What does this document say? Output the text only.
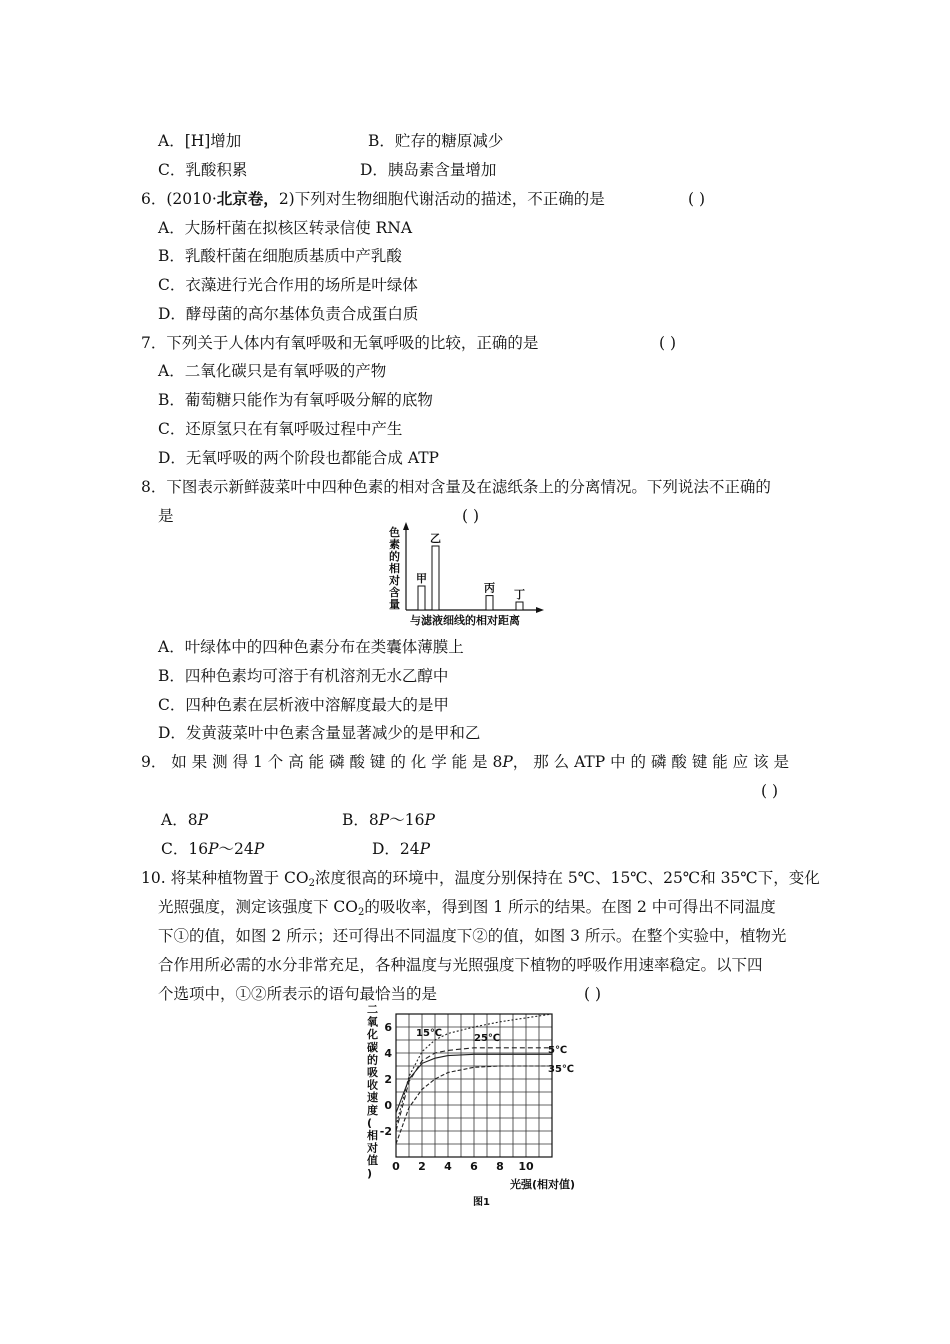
A．[H]增加	B．贮存的糖原减少
C．乳酸积累	D．胰岛素含量增加
6．(2010·北京卷，2)下列对生物细胞代谢活动的描述，不正确的是	( )
A．大肠杆菌在拟核区转录信使 RNA
B．乳酸杆菌在细胞质基质中产乳酸
C．衣藻进行光合作用的场所是叶绿体
D．酵母菌的高尔基体负责合成蛋白质
7．下列关于人体内有氧呼吸和无氧呼吸的比较，正确的是	( )
A．二氧化碳只是有氧呼吸的产物
B．葡萄糖只能作为有氧呼吸分解的底物
C．还原氢只在有氧呼吸过程中产生
D．无氧呼吸的两个阶段也都能合成 ATP
8．下图表示新鲜菠菜叶中四种色素的相对含量及在滤纸条上的分离情况。下列说法不正确的
是	( )
色
素
的
相
对
含
量
甲
乙
丙 丁
与滤液细线的相对距离
A．叶绿体中的四种色素分布在类囊体薄膜上
B．四种色素均可溶于有机溶剂无水乙醇中
C．四种色素在层析液中溶解度最大的是甲
D．发黄菠菜叶中色素含量显著减少的是甲和乙
9． 如 果 测 得 1 个 高 能 磷 酸 键 的 化 学 能 是 8P， 那 么 ATP 中 的 磷 酸 键 能 应 该 是
( )
A．8P	B．8P～16P
C．16P～24P	D．24P
10. 将某种植物置于 $CO_2$浓度很高的环境中，温度分别保持在 5℃、15℃、25℃和 35℃下，变化
光照强度，测定该强度下 $CO_2$的吸收率，得到图 1 所示的结果。在图 2 中可得出不同温度
下①的值，如图 2 所示；还可得出不同温度下②的值，如图 3 所示。在整个实验中，植物光
合作用所必需的水分非常充足，各种温度与光照强度下植物的呼吸作用速率稳定。以下四
个选项中，①②所表示的语句最恰当的是	( )
二
氧
化
碳
的
吸
收
速
度
(
相
对
值
)
0 2 4 6 8 10
-2
0
2
4
6 15℃	25℃
5℃
35℃
光强(相对值)
图1
